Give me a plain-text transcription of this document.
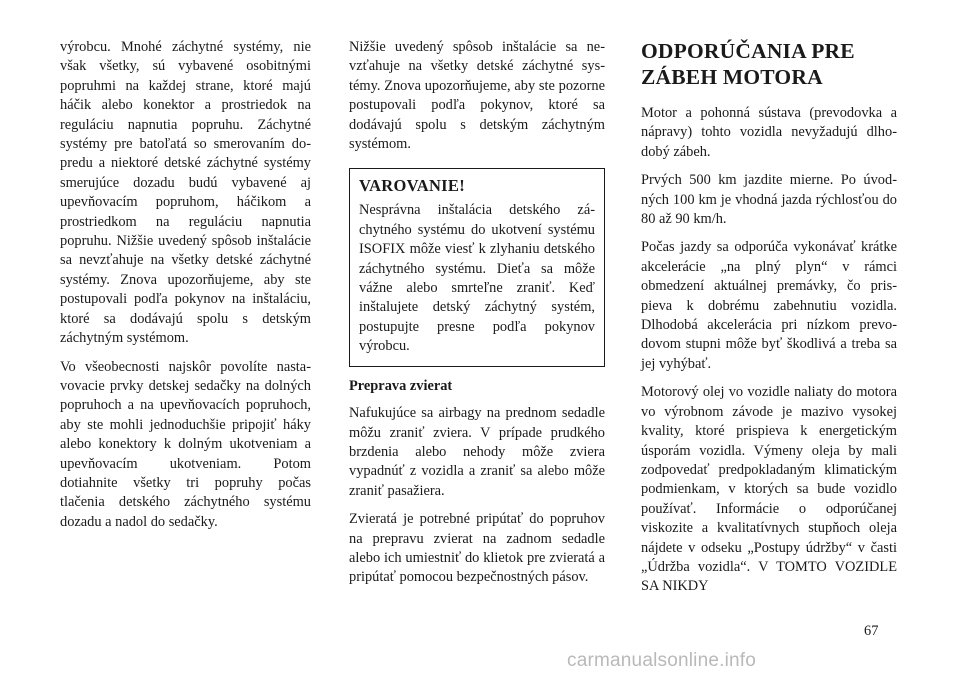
výrobcu. Mnohé záchytné systémy, nie však všetky, sú vybavené osobitnými popruhmi na každej strane, ktoré majú háčik alebo konektor a prostriedok na reguláciu napnutia popruhu. Záchytné systémy pre batoľatá so smerovaním dopredu a niektoré detské záchytné systémy smerujúce dozadu budú vybavené aj upevňovacím popruhom, háčikom a prostriedkom na reguláciu napnutia popruhu. Nižšie uvedený spôsob inštalácie sa nevzťahuje na všetky detské záchytné systémy. Znova upozorňujeme, aby ste postupovali podľa pokynov na inštaláciu, ktoré sa dodávajú spolu s detským záchytným systémom.

Vo všeobecnosti najskôr povolíte nastavovacie prvky detskej sedačky na dolných popruhoch a na upevňovacích popruhoch, aby ste mohli jednoduchšie pripojiť háky alebo konektory k dolným ukotveniam a upevňovacím ukotveniam. Potom dotiahnite všetky tri popruhy počas tlačenia detského záchytného systému dozadu a nadol do sedačky.

Nižšie uvedený spôsob inštalácie sa nevzťahuje na všetky detské záchytné systémy. Znova upozorňujeme, aby ste pozorne postupovali podľa pokynov, ktoré sa dodávajú spolu s detským záchytným systémom.

VAROVANIE!

Nesprávna inštalácia detského záchytného systému do ukotvení systému ISOFIX môže viesť k zlyhaniu detského záchytného systému. Dieťa sa môže vážne alebo smrteľne zraniť. Keď inštalujete detský záchytný systém, postupujte presne podľa pokynov výrobcu.

Preprava zvierat

Nafukujúce sa airbagy na prednom sedadle môžu zraniť zviera. V prípade prudkého brzdenia alebo nehody môže zviera vypadnúť z vozidla a zraniť sa alebo môže zraniť pasažiera.

Zvieratá je potrebné pripútať do popruhov na prepravu zvierat na zadnom sedadle alebo ich umiestniť do klietok pre zvieratá a pripútať pomocou bezpečnostných pásov.

ODPORÚČANIA PRE ZÁBEH MOTORA

Motor a pohonná sústava (prevodovka a nápravy) tohto vozidla nevyžadujú dlhodobý zábeh.

Prvých 500 km jazdite mierne. Po úvodných 100 km je vhodná jazda rýchlosťou do 80 až 90 km/h.

Počas jazdy sa odporúča vykonávať krátke akcelerácie „na plný plyn“ v rámci obmedzení aktuálnej premávky, čo prispieva k dobrému zabehnutiu vozidla. Dlhodobá akcelerácia pri nízkom prevodovom stupni môže byť škodlivá a treba sa jej vyhýbať.

Motorový olej vo vozidle naliaty do motora vo výrobnom závode je mazivo vysokej kvality, ktoré prispieva k energetickým úsporám vozidla. Výmeny oleja by mali zodpovedať predpokladaným klimatickým podmienkam, v ktorých sa bude vozidlo používať. Informácie o odporúčanej viskozite a kvalitatívnych stupňoch oleja nájdete v odseku „Postupy údržby“ v časti „Údržba vozidla“. V TOMTO VOZIDLE SA NIKDY

67
carmanualsonline.info
